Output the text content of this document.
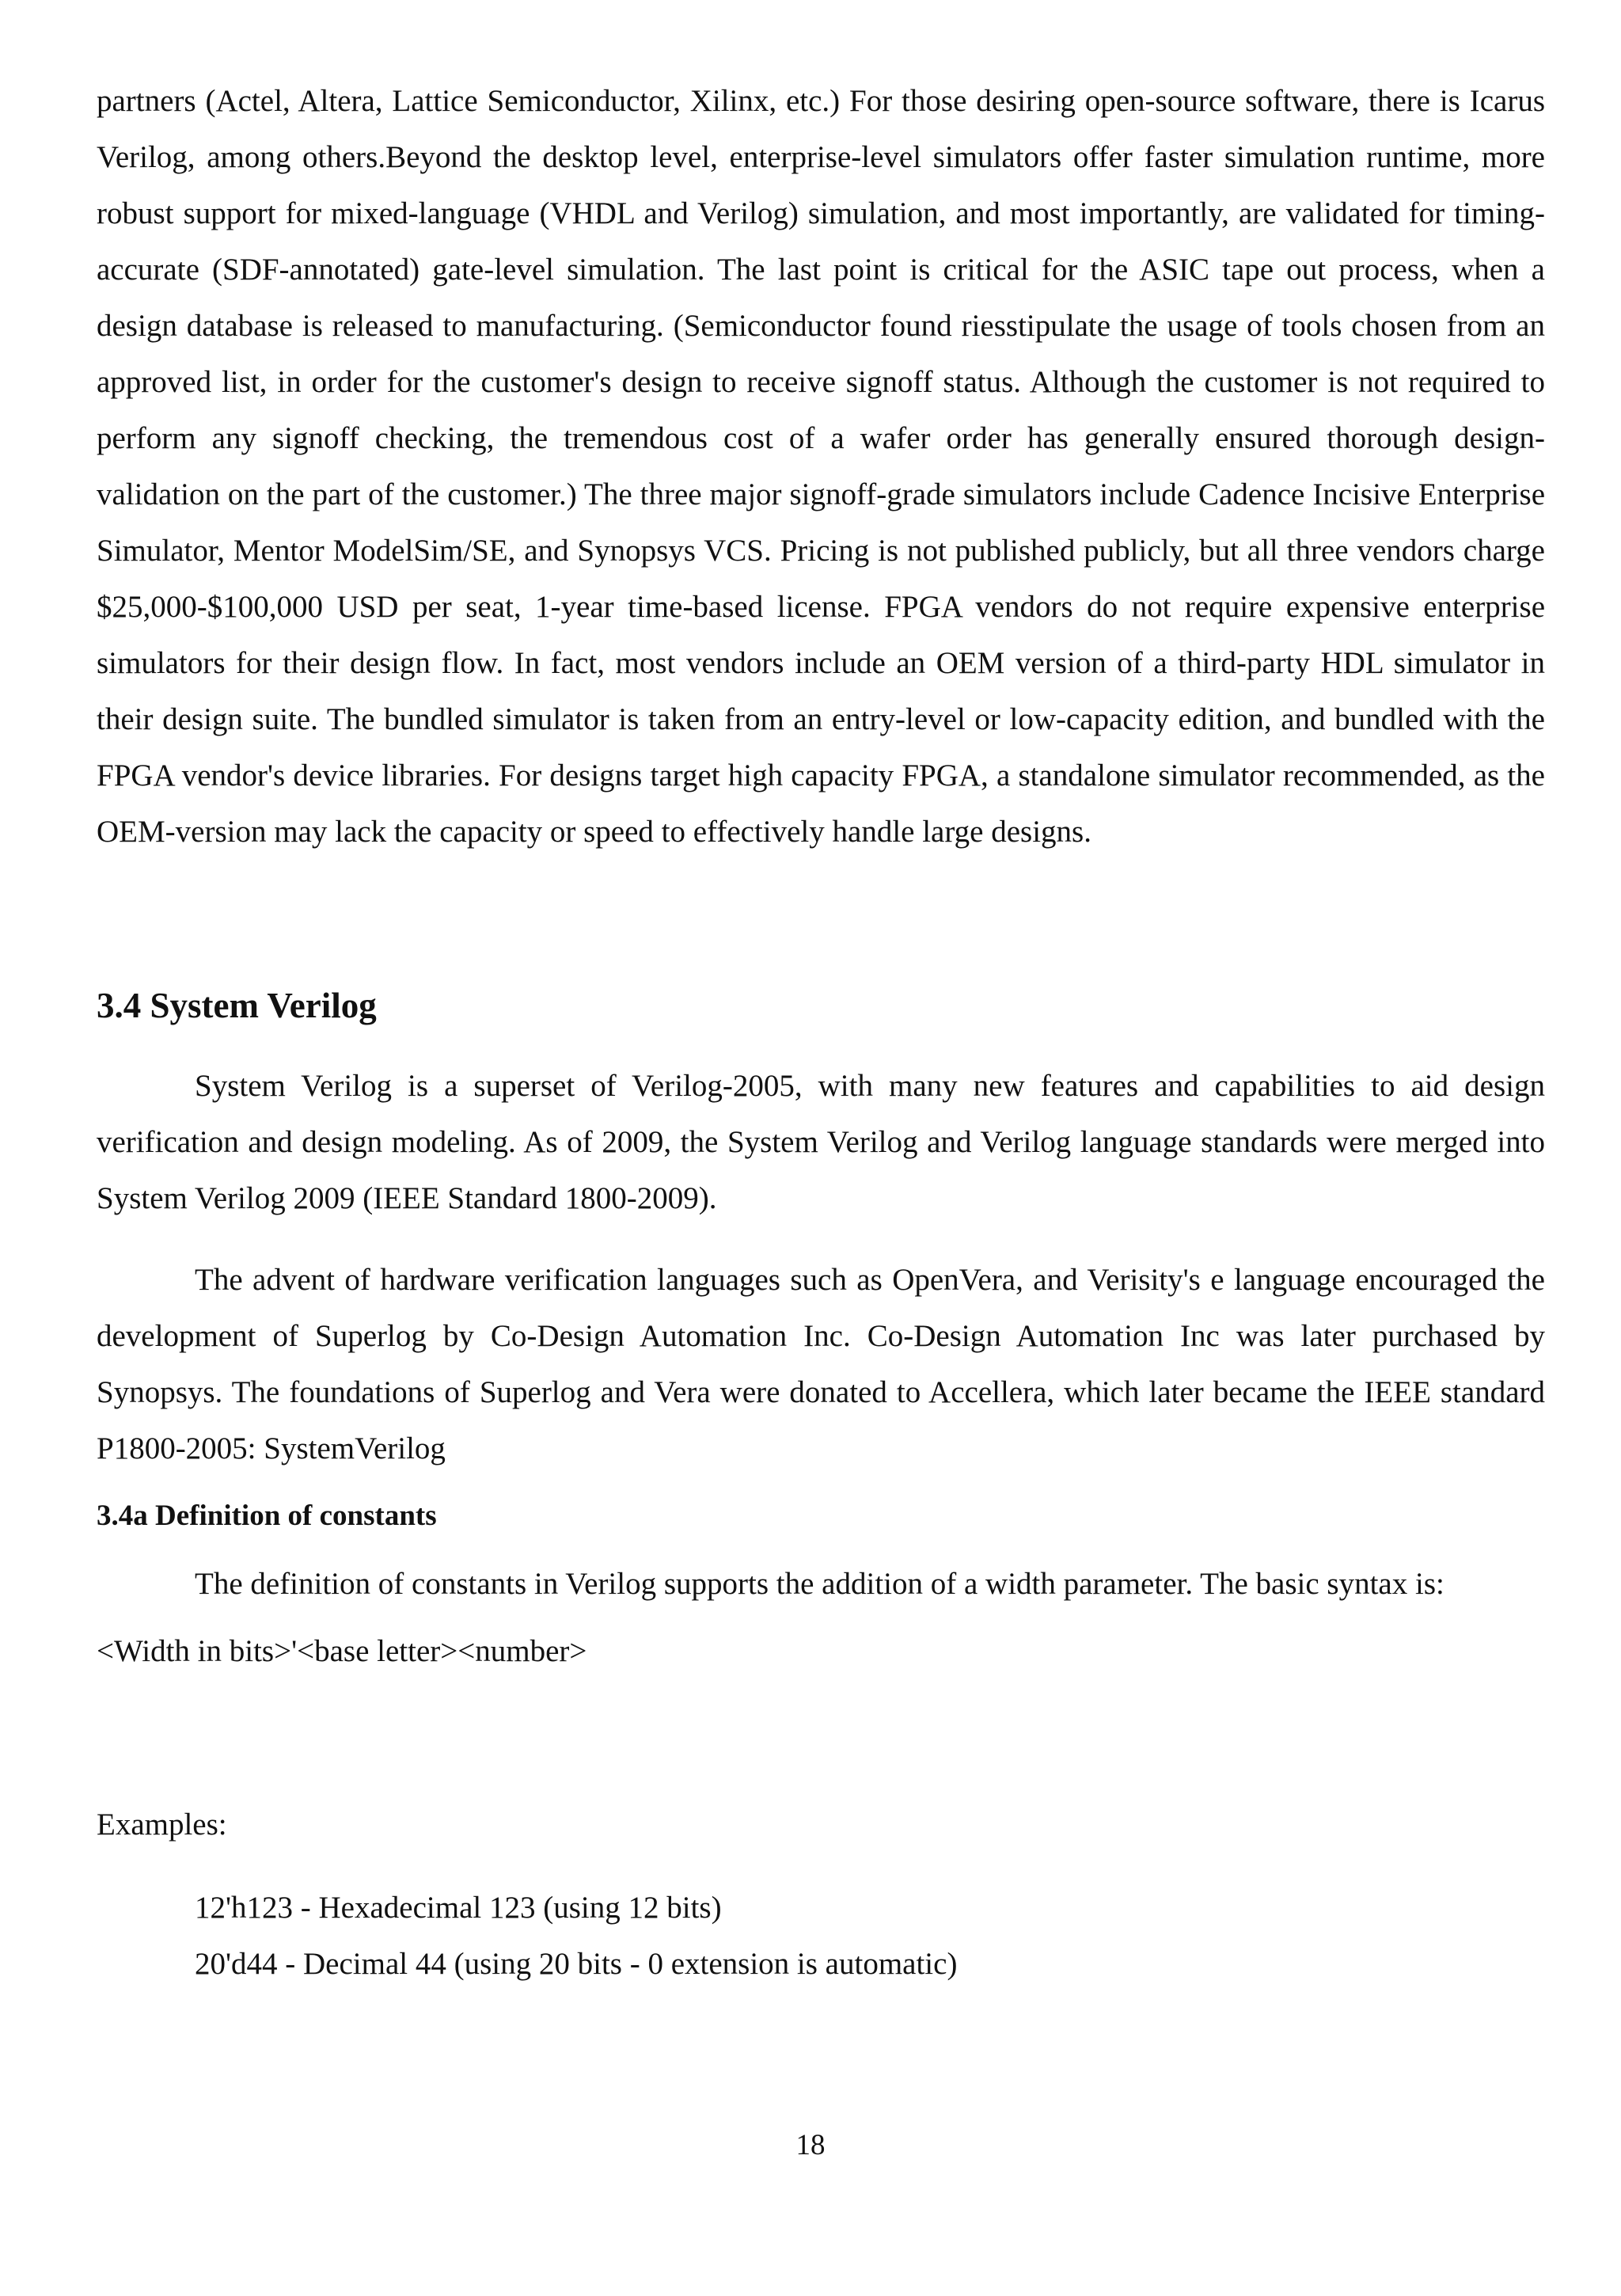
partners (Actel, Altera, Lattice Semiconductor, Xilinx, etc.) For those desiring open-source software, there is Icarus Verilog, among others.Beyond the desktop level, enterprise-level simulators offer faster simulation runtime, more robust support for mixed-language (VHDL and Verilog) simulation, and most importantly, are validated for timing-accurate (SDF-annotated) gate-level simulation. The last point is critical for the ASIC tape out process, when a design database is released to manufacturing. (Semiconductor found riesstipulate the usage of tools chosen from an approved list, in order for the customer's design to receive signoff status. Although the customer is not required to perform any signoff checking, the tremendous cost of a wafer order has generally ensured thorough design-validation on the part of the customer.) The three major signoff-grade simulators include Cadence Incisive Enterprise Simulator, Mentor ModelSim/SE, and Synopsys VCS. Pricing is not published publicly, but all three vendors charge $25,000-$100,000 USD per seat, 1-year time-based license. FPGA vendors do not require expensive enterprise simulators for their design flow. In fact, most vendors include an OEM version of a third-party HDL simulator in their design suite. The bundled simulator is taken from an entry-level or low-capacity edition, and bundled with the FPGA vendor's device libraries. For designs target high capacity FPGA, a standalone simulator recommended, as the OEM-version may lack the capacity or speed to effectively handle large designs.

3.4 System Verilog

System Verilog is a superset of Verilog-2005, with many new features and capabilities to aid design verification and design modeling. As of 2009, the System Verilog and Verilog language standards were merged into System Verilog 2009 (IEEE Standard 1800-2009).

The advent of hardware verification languages such as OpenVera, and Verisity's e language encouraged the development of Superlog by Co-Design Automation Inc. Co-Design Automation Inc was later purchased by Synopsys. The foundations of Superlog and Vera were donated to Accellera, which later became the IEEE standard P1800-2005: SystemVerilog

3.4a Definition of constants

The definition of constants in Verilog supports the addition of a width parameter. The basic syntax is:

<Width in bits>'<base letter><number>

Examples:

12'h123 - Hexadecimal 123 (using 12 bits)

20'd44 - Decimal 44 (using 20 bits - 0 extension is automatic)

18
